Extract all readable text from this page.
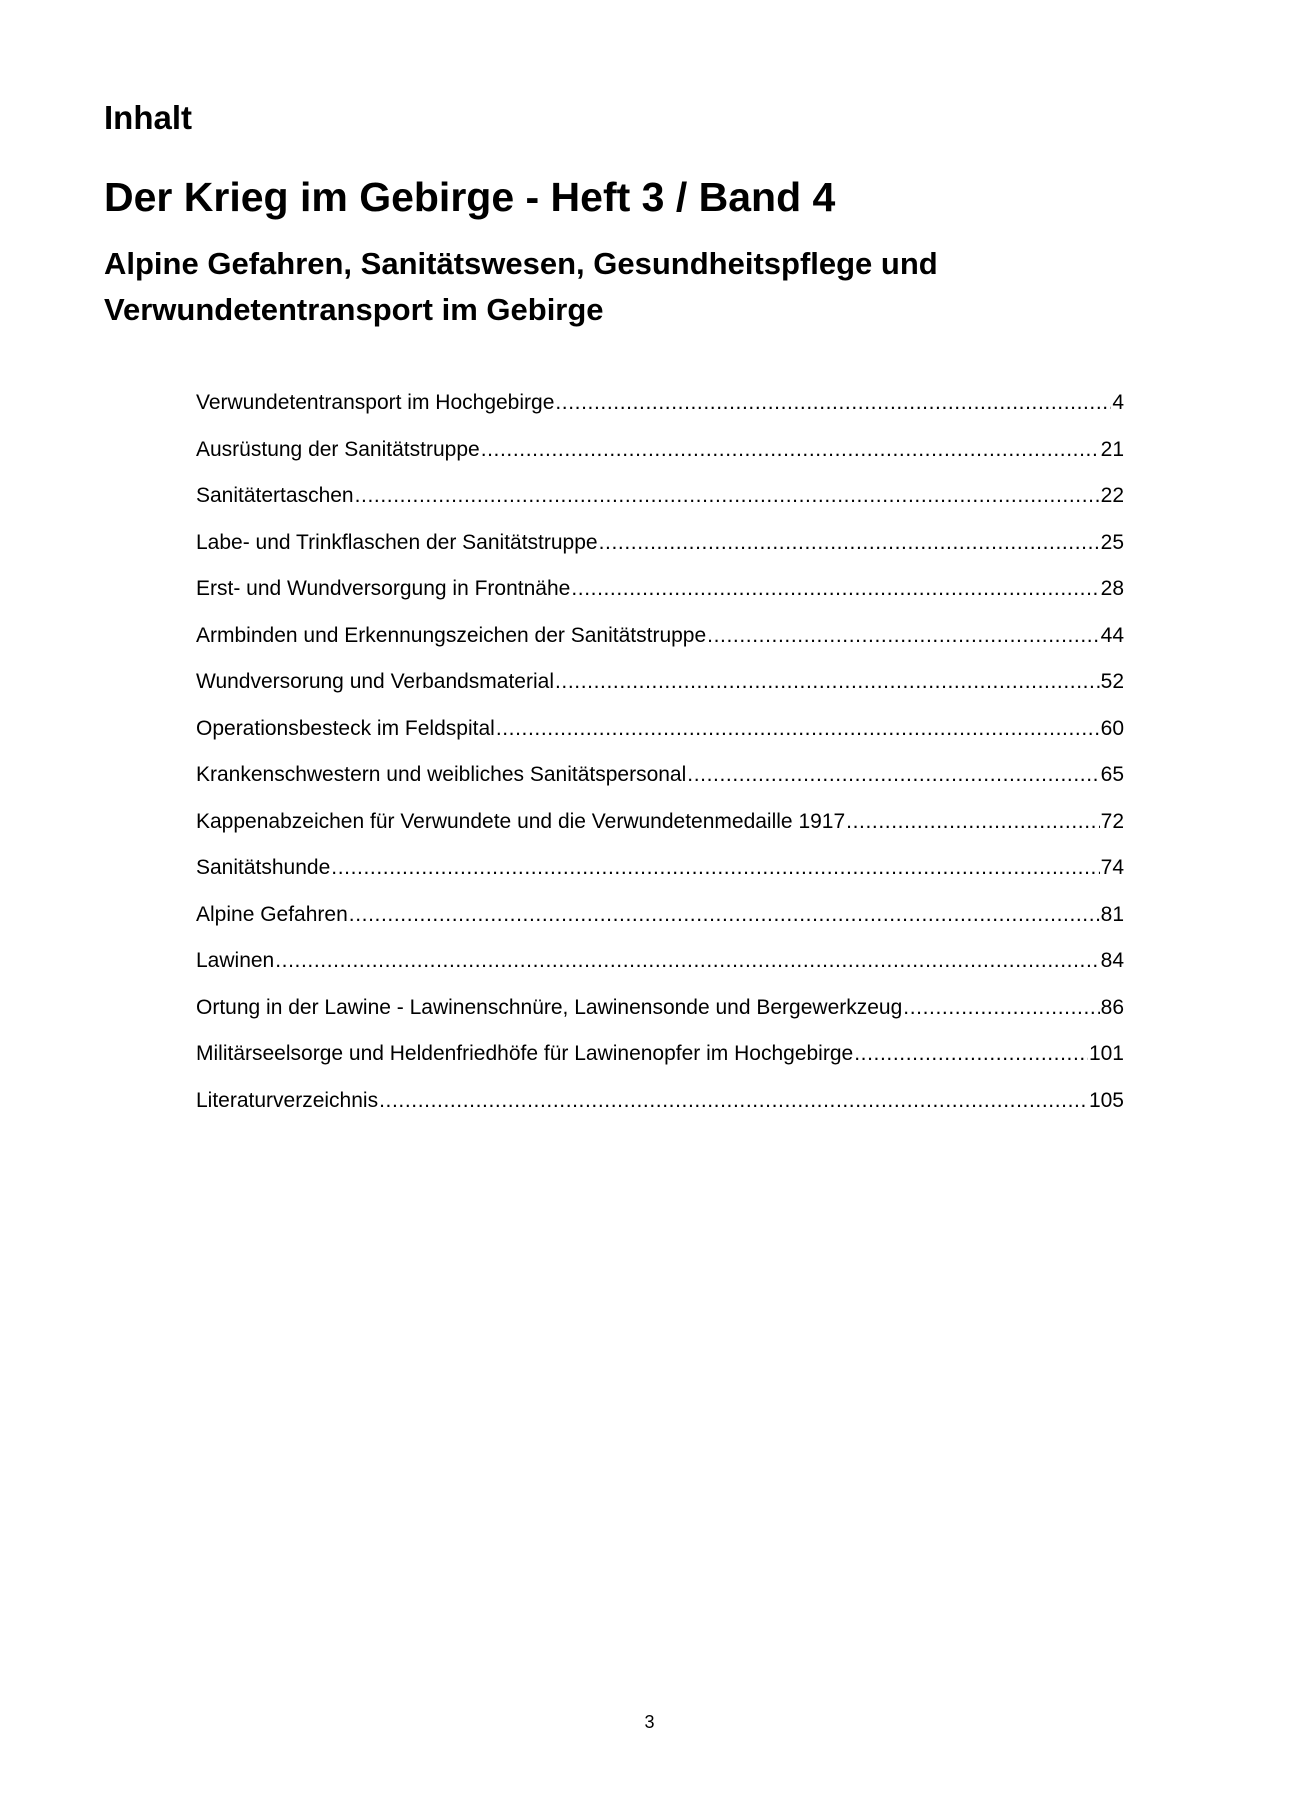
Inhalt
Der Krieg im Gebirge - Heft 3 / Band 4
Alpine Gefahren, Sanitätswesen, Gesundheitspflege und Verwundetentransport im Gebirge
Verwundetentransport im Hochgebirge .....	4
Ausrüstung der Sanitätstruppe .....	21
Sanitätertaschen .....	22
Labe- und Trinkflaschen der Sanitätstruppe .....	25
Erst- und Wundversorgung in Frontnähe .....	28
Armbinden und Erkennungszeichen der Sanitätstruppe .....	44
Wundversorung und Verbandsmaterial .....	52
Operationsbesteck im Feldspital .....	60
Krankenschwestern und weibliches Sanitätspersonal .....	65
Kappenabzeichen für Verwundete und die Verwundetenmedaille 1917 .....	72
Sanitätshunde .....	74
Alpine Gefahren .....	81
Lawinen .....	84
Ortung in der Lawine - Lawinenschnüre, Lawinensonde und Bergewerkzeug .....	86
Militärseelsorge und Heldenfriedhöfe für Lawinenopfer im Hochgebirge .....	101
Literaturverzeichnis .....	105

3
